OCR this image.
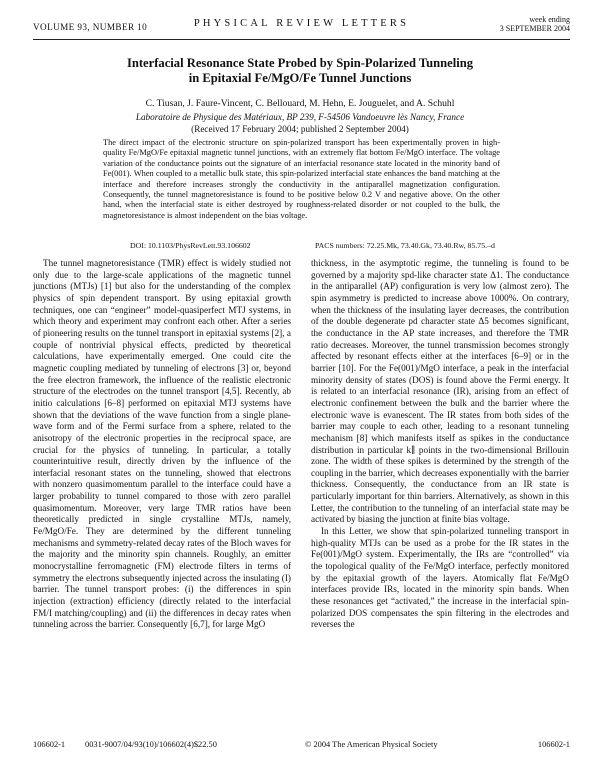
VOLUME 93, NUMBER 10	PHYSICAL REVIEW LETTERS	week ending
3 SEPTEMBER 2004
Interfacial Resonance State Probed by Spin-Polarized Tunneling
in Epitaxial Fe/MgO/Fe Tunnel Junctions
C. Tiusan, J. Faure-Vincent, C. Bellouard, M. Hehn, E. Jouguelet, and A. Schuhl
Laboratoire de Physique des Matériaux, BP 239, F-54506 Vandoeuvre lès Nancy, France
(Received 17 February 2004; published 2 September 2004)
The direct impact of the electronic structure on spin-polarized transport has been experimentally proven in high-quality Fe/MgO/Fe epitaxial magnetic tunnel junctions, with an extremely flat bottom Fe/MgO interface. The voltage variation of the conductance points out the signature of an interfacial resonance state located in the minority band of Fe(001). When coupled to a metallic bulk state, this spin-polarized interfacial state enhances the band matching at the interface and therefore increases strongly the conductivity in the antiparallel magnetization configuration. Consequently, the tunnel magnetoresistance is found to be positive below 0.2 V and negative above. On the other hand, when the interfacial state is either destroyed by roughness-related disorder or not coupled to the bulk, the magnetoresistance is almost independent on the bias voltage.
DOI: 10.1103/PhysRevLett.93.106602	PACS numbers: 72.25.Mk, 73.40.Gk, 73.40.Rw, 85.75.–d

The tunnel magnetoresistance (TMR) effect is widely studied not only due to the large-scale applications of the magnetic tunnel junctions (MTJs) [1] but also for the understanding of the complex physics of spin dependent transport. By using epitaxial growth techniques, one can “engineer” model-quasiperfect MTJ systems, in which theory and experiment may confront each other. After a series of pioneering results on the tunnel transport in epitaxial systems [2], a couple of nontrivial physical effects, predicted by theoretical calculations, have experimentally emerged. One could cite the magnetic coupling mediated by tunneling of electrons [3] or, beyond the free electron framework, the influence of the realistic electronic structure of the electrodes on the tunnel transport [4,5]. Recently, ab initio calculations [6–8] performed on epitaxial MTJ systems have shown that the deviations of the wave function from a single plane-wave form and of the Fermi surface from a sphere, related to the anisotropy of the electronic properties in the reciprocal space, are crucial for the physics of tunneling. In particular, a totally counterintuitive result, directly driven by the influence of the interfacial resonant states on the tunneling, showed that electrons with nonzero quasimomentum parallel to the interface could have a larger probability to tunnel compared to those with zero parallel quasimomentum. Moreover, very large TMR ratios have been theoretically predicted in single crystalline MTJs, namely, Fe/MgO/Fe. They are determined by the different tunneling mechanisms and symmetry-related decay rates of the Bloch waves for the majority and the minority spin channels. Roughly, an emitter monocrystalline ferromagnetic (FM) electrode filters in terms of symmetry the electrons subsequently injected across the insulating (I) barrier. The tunnel transport probes: (i) the differences in spin injection (extraction) efficiency (directly related to the interfacial FM/I matching/coupling) and (ii) the differences in decay rates when tunneling across the barrier. Consequently [6,7], for large MgO

thickness, in the asymptotic regime, the tunneling is found to be governed by a majority spd-like character state Δ1. The conductance in the antiparallel (AP) configuration is very low (almost zero). The spin asymmetry is predicted to increase above 1000%. On contrary, when the thickness of the insulating layer decreases, the contribution of the double degenerate pd character state Δ5 becomes significant, the conductance in the AP state increases, and therefore the TMR ratio decreases. Moreover, the tunnel transmission becomes strongly affected by resonant effects either at the interfaces [6–9] or in the barrier [10]. For the Fe(001)/MgO interface, a peak in the interfacial minority density of states (DOS) is found above the Fermi energy. It is related to an interfacial resonance (IR), arising from an effect of electronic confinement between the bulk and the barrier where the electronic wave is evanescent. The IR states from both sides of the barrier may couple to each other, leading to a resonant tunneling mechanism [8] which manifests itself as spikes in the conductance distribution in particular k∥ points in the two-dimensional Brillouin zone. The width of these spikes is determined by the strength of the coupling in the barrier, which decreases exponentially with the barrier thickness. Consequently, the conductance from an IR state is particularly important for thin barriers. Alternatively, as shown in this Letter, the contribution to the tunneling of an interfacial state may be activated by biasing the junction at finite bias voltage.

In this Letter, we show that spin-polarized tunneling transport in high-quality MTJs can be used as a probe for the IR states in the Fe(001)/MgO system. Experimentally, the IRs are “controlled” via the topological quality of the Fe/MgO interface, perfectly monitored by the epitaxial growth of the layers. Atomically flat Fe/MgO interfaces provide IRs, located in the minority spin bands. When these resonances get “activated,” the increase in the interfacial spin-polarized DOS compensates the spin filtering in the electrodes and reverses the

106602-1 0031-9007/04/93(10)/106602(4)$22.50	© 2004 The American Physical Society	106602-1
